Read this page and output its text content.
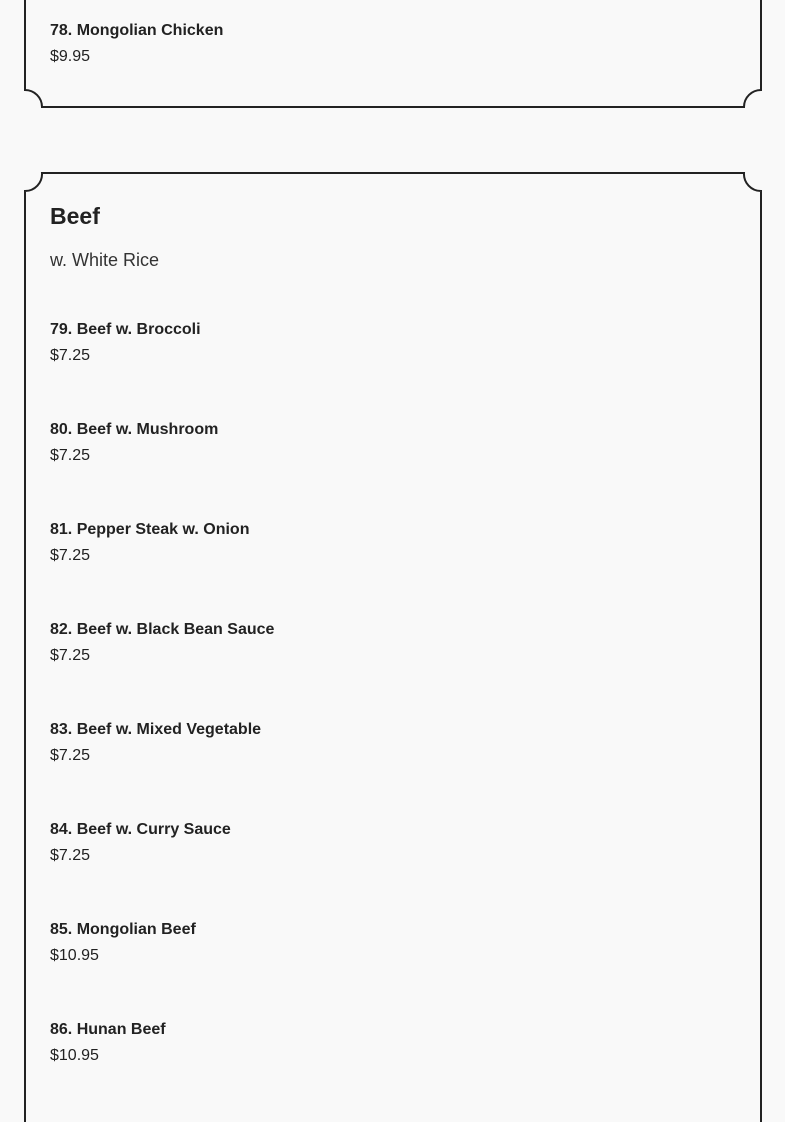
78. Mongolian Chicken
$9.95
Beef
w. White Rice
79. Beef w. Broccoli
$7.25
80. Beef w. Mushroom
$7.25
81. Pepper Steak w. Onion
$7.25
82. Beef w. Black Bean Sauce
$7.25
83. Beef w. Mixed Vegetable
$7.25
84. Beef w. Curry Sauce
$7.25
85. Mongolian Beef
$10.95
86. Hunan Beef
$10.95
